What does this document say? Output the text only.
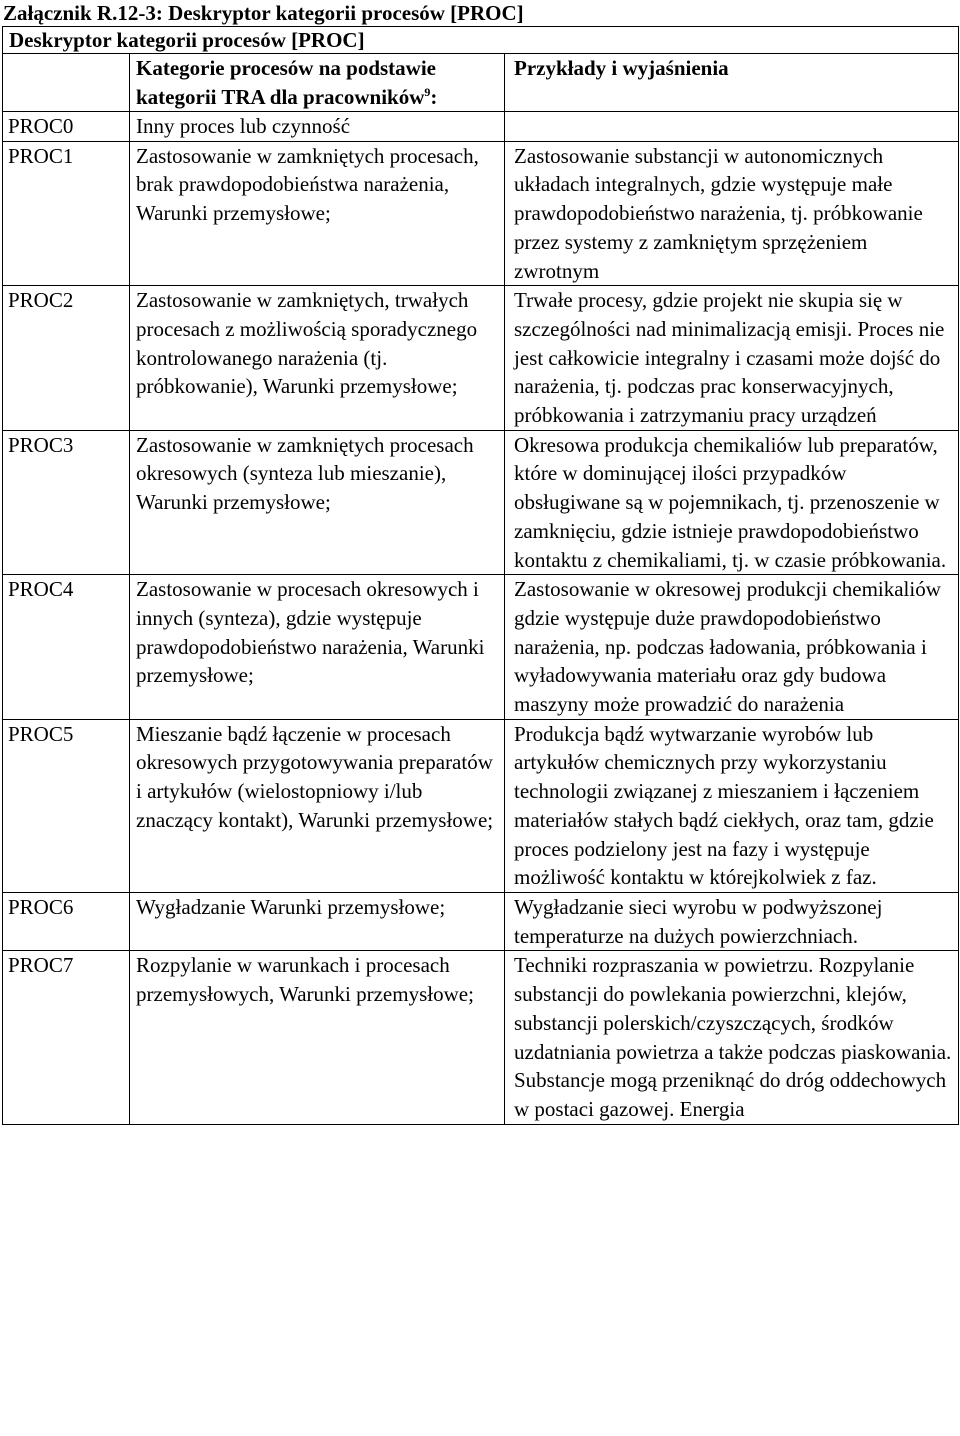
Załącznik R.12-3: Deskryptor kategorii procesów [PROC]
Deskryptor kategorii procesów [PROC]		
	Kategorie procesów na podstawie kategorii TRA dla pracowników$^9$:	Przykłady i wyjaśnienia
PROC0	Inny proces lub czynność	
PROC1	Zastosowanie w zamkniętych procesach, brak prawdopodobieństwa narażenia, Warunki przemysłowe;	Zastosowanie substancji w autonomicznych układach integralnych, gdzie występuje małe prawdopodobieństwo narażenia, tj. próbkowanie przez systemy z zamkniętym sprzężeniem zwrotnym
PROC2	Zastosowanie w zamkniętych, trwałych procesach z możliwością sporadycznego kontrolowanego narażenia (tj. próbkowanie), Warunki przemysłowe;	Trwałe procesy, gdzie projekt nie skupia się w szczególności nad minimalizacją emisji. Proces nie jest całkowicie integralny i czasami może dojść do narażenia, tj. podczas prac konserwacyjnych, próbkowania i zatrzymaniu pracy urządzeń
PROC3	Zastosowanie w zamkniętych procesach okresowych (synteza lub mieszanie), Warunki przemysłowe;	Okresowa produkcja chemikaliów lub preparatów, które w dominującej ilości przypadków obsługiwane są w pojemnikach, tj. przenoszenie w zamknięciu, gdzie istnieje prawdopodobieństwo kontaktu z chemikaliami, tj. w czasie próbkowania.
PROC4	Zastosowanie w procesach okresowych i innych (synteza), gdzie występuje prawdopodobieństwo narażenia, Warunki przemysłowe;	Zastosowanie w okresowej produkcji chemikaliów gdzie występuje duże prawdopodobieństwo narażenia, np. podczas ładowania, próbkowania i wyładowywania materiału oraz gdy budowa maszyny może prowadzić do narażenia
PROC5	Mieszanie bądź łączenie w procesach okresowych przygotowywania preparatów i artykułów (wielostopniowy i/lub znaczący kontakt), Warunki przemysłowe;	Produkcja bądź wytwarzanie wyrobów lub artykułów chemicznych przy wykorzystaniu technologii związanej z mieszaniem i łączeniem materiałów stałych bądź ciekłych, oraz tam, gdzie proces podzielony jest na fazy i występuje możliwość kontaktu w którejkolwiek z faz.
PROC6	Wygładzanie Warunki przemysłowe;	Wygładzanie sieci wyrobu w podwyższonej temperaturze na dużych powierzchniach.
PROC7	Rozpylanie w warunkach i procesach przemysłowych, Warunki przemysłowe;	Techniki rozpraszania w powietrzu. Rozpylanie substancji do powlekania powierzchni, klejów, substancji polerskich/czyszczących, środków uzdatniania powietrza a także podczas piaskowania. Substancje mogą przeniknąć do dróg oddechowych w postaci gazowej. Energia
